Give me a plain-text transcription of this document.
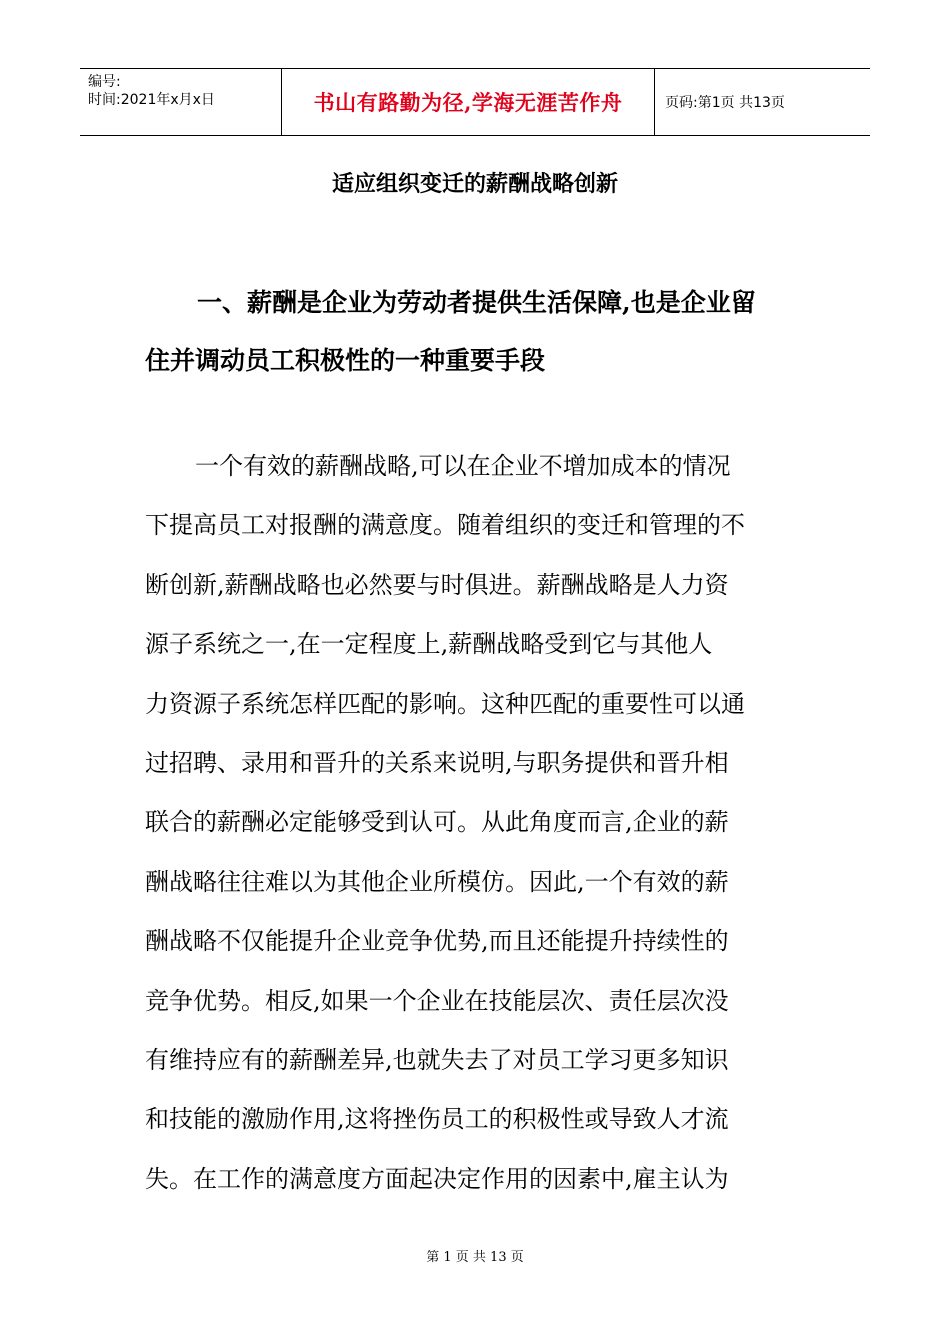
编号:
时间:2021年x月x日	书山有路勤为径,学海无涯苦作舟	页码:第1页 共13页
适应组织变迁的薪酬战略创新
一、薪酬是企业为劳动者提供生活保障,也是企业留
住并调动员工积极性的一种重要手段
一个有效的薪酬战略,可以在企业不增加成本的情况
下提高员工对报酬的满意度。随着组织的变迁和管理的不
断创新,薪酬战略也必然要与时俱进。薪酬战略是人力资
源子系统之一,在一定程度上,薪酬战略受到它与其他人
力资源子系统怎样匹配的影响。这种匹配的重要性可以通
过招聘、录用和晋升的关系来说明,与职务提供和晋升相
联合的薪酬必定能够受到认可。从此角度而言,企业的薪
酬战略往往难以为其他企业所模仿。因此,一个有效的薪
酬战略不仅能提升企业竞争优势,而且还能提升持续性的
竞争优势。相反,如果一个企业在技能层次、责任层次没
有维持应有的薪酬差异,也就失去了对员工学习更多知识
和技能的激励作用,这将挫伤员工的积极性或导致人才流
失。在工作的满意度方面起决定作用的因素中,雇主认为
第 1 页 共 13 页
